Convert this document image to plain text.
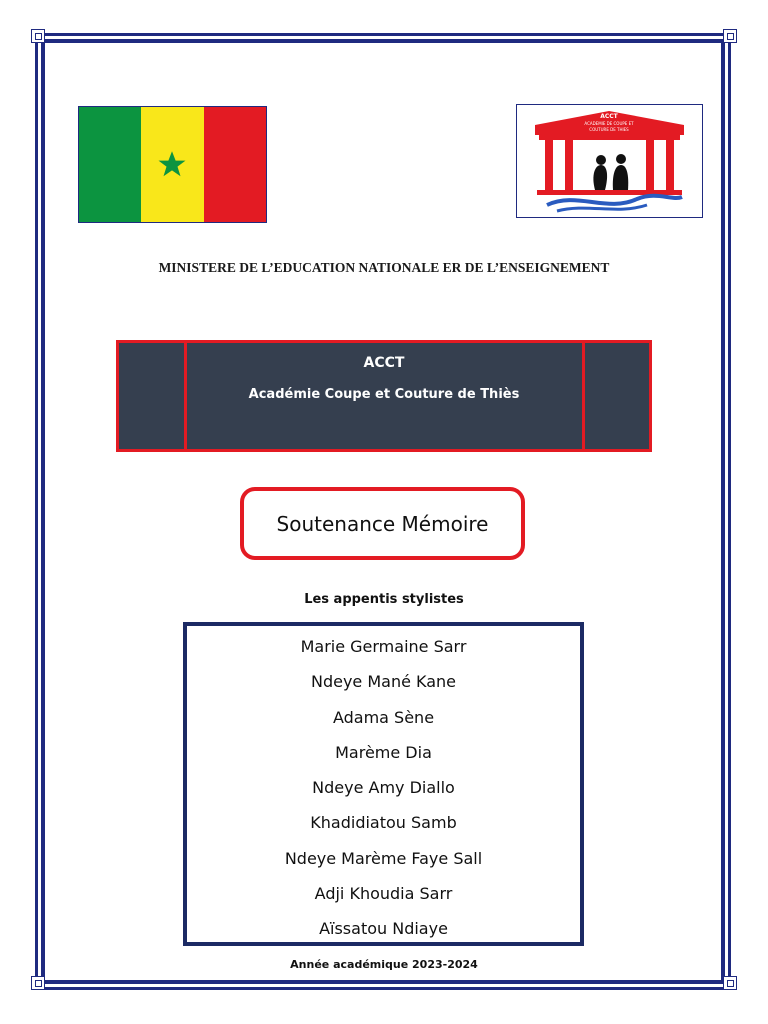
ACCT
ACADEMIE DE COUPE ET
COUTURE DE THIES
MINISTERE DE L’EDUCATION NATIONALE ER DE L’ENSEIGNEMENT
ACCT
Académie Coupe et Couture de Thiès
Soutenance Mémoire
Les appentis stylistes
Marie Germaine Sarr
Ndeye Mané Kane
Adama Sène
Marème Dia
Ndeye Amy Diallo
Khadidiatou Samb
Ndeye Marème Faye Sall
Adji Khoudia Sarr
Aïssatou Ndiaye
Année académique 2023-2024
